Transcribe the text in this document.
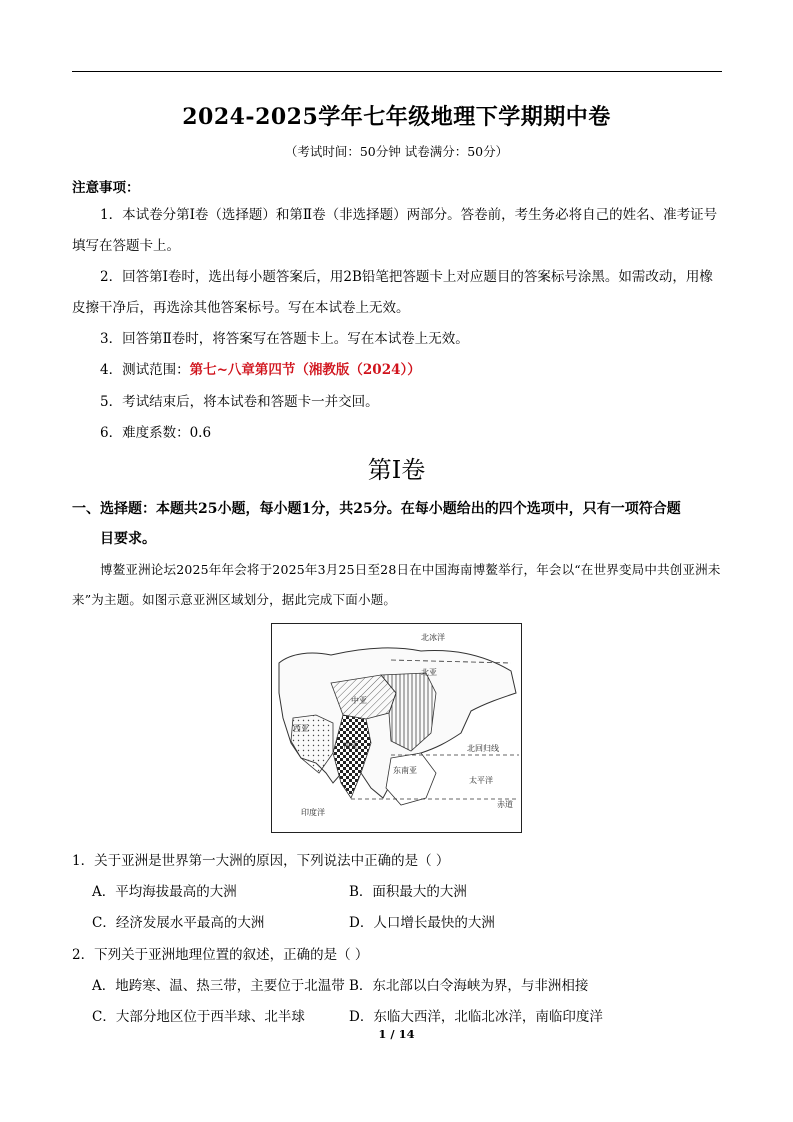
2024-2025学年七年级地理下学期期中卷
（考试时间：50分钟 试卷满分：50分）
注意事项：
1．本试卷分第Ⅰ卷（选择题）和第Ⅱ卷（非选择题）两部分。答卷前，考生务必将自己的姓名、准考证号填写在答题卡上。
2．回答第Ⅰ卷时，选出每小题答案后，用2B铅笔把答题卡上对应题目的答案标号涂黑。如需改动，用橡皮擦干净后，再选涂其他答案标号。写在本试卷上无效。
3．回答第Ⅱ卷时，将答案写在答题卡上。写在本试卷上无效。
4．测试范围：第七~八章第四节（湘教版（2024））
5．考试结束后，将本试卷和答题卡一并交回。
6．难度系数：0.6
第Ⅰ卷
一、选择题：本题共25小题，每小题1分，共25分。在每小题给出的四个选项中，只有一项符合题
目要求。
博鳌亚洲论坛2025年年会将于2025年3月25日至28日在中国海南博鳌举行，年会以“在世界变局中共创亚洲未来”为主题。如图示意亚洲区域划分，据此完成下面小题。
北冰洋
北亚
中亚
西亚
南亚
东南亚
太平洋
印度洋
北回归线
赤道
1．关于亚洲是世界第一大洲的原因，下列说法中正确的是（ ）
A．平均海拔最高的大洲	B．面积最大的大洲
C．经济发展水平最高的大洲	D．人口增长最快的大洲
2．下列关于亚洲地理位置的叙述，正确的是（ ）
A．地跨寒、温、热三带，主要位于北温带 B．东北部以白令海峡为界，与非洲相接
C．大部分地区位于西半球、北半球	D．东临大西洋，北临北冰洋，南临印度洋
1 / 14
